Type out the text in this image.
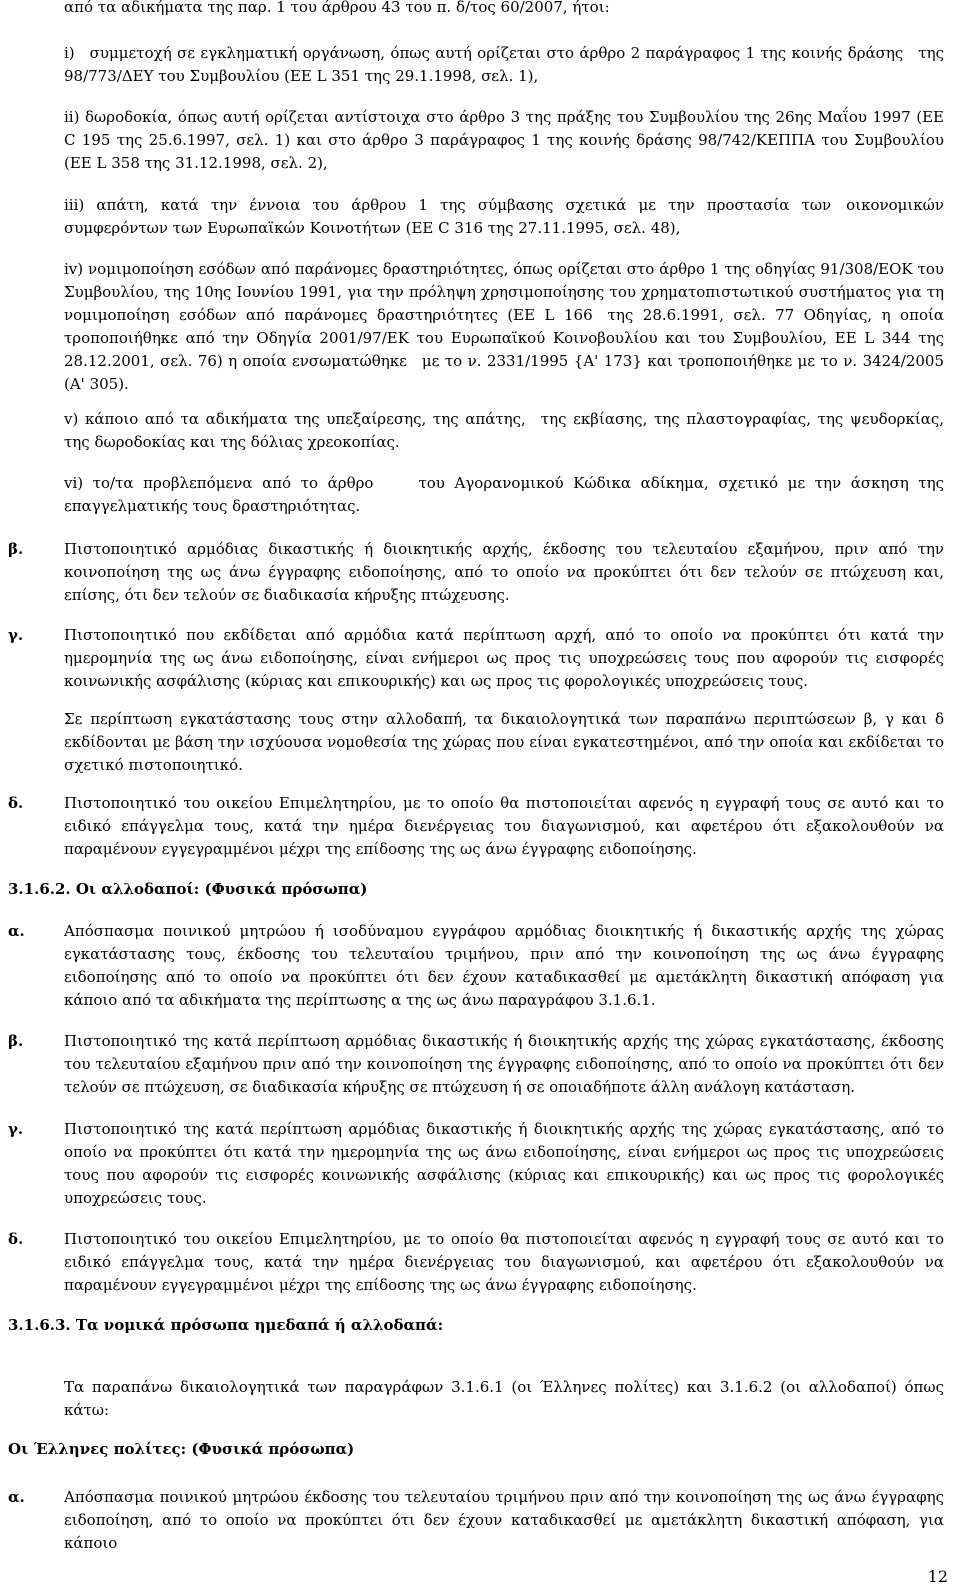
από τα αδικήματα της παρ. 1 του άρθρου 43 του π. δ/τος 60/2007, ήτοι:

i) συμμετοχή σε εγκληματική οργάνωση, όπως αυτή ορίζεται στο άρθρο 2 παράγραφος 1 της κοινής δράσης της 98/773/ΔΕΥ του Συμβουλίου (ΕΕ L 351 της 29.1.1998, σελ. 1),

ii) δωροδοκία, όπως αυτή ορίζεται αντίστοιχα στο άρθρο 3 της πράξης του Συμβουλίου της 26ης Μαΐου 1997 (ΕΕ C 195 της 25.6.1997, σελ. 1) και στο άρθρο 3 παράγραφος 1 της κοινής δράσης 98/742/ΚΕΠΠΑ του Συμβουλίου (ΕΕ L 358 της 31.12.1998, σελ. 2),

iii) απάτη, κατά την έννοια του άρθρου 1 της σύμβασης σχετικά με την προστασία των οικονομικών συμφερόντων των Ευρωπαϊκών Κοινοτήτων (ΕΕ C 316 της 27.11.1995, σελ. 48),

iv) νομιμοποίηση εσόδων από παράνομες δραστηριότητες, όπως ορίζεται στο άρθρο 1 της οδηγίας 91/308/ΕΟΚ του Συμβουλίου, της 10ης Ιουνίου 1991, για την πρόληψη χρησιμοποίησης του χρηματοπιστωτικού συστήματος για τη νομιμοποίηση εσόδων από παράνομες δραστηριότητες (ΕΕ L 166 της 28.6.1991, σελ. 77 Οδηγίας, η οποία τροποποιήθηκε από την Οδηγία 2001/97/ΕΚ του Ευρωπαϊκού Κοινοβουλίου και του Συμβουλίου, ΕΕ L 344 της 28.12.2001, σελ. 76) η οποία ενσωματώθηκε με το ν. 2331/1995 {Α' 173} και τροποποιήθηκε με το ν. 3424/2005 (Α' 305).

v) κάποιο από τα αδικήματα της υπεξαίρεσης, της απάτης, της εκβίασης, της πλαστογραφίας, της ψευδορκίας, της δωροδοκίας και της δόλιας χρεοκοπίας.

vi) το/τα προβλεπόμενα από το άρθρο   του Αγορανομικού Κώδικα αδίκημα, σχετικό με την άσκηση της επαγγελματικής τους δραστηριότητας.

β.	Πιστοποιητικό αρμόδιας δικαστικής ή διοικητικής αρχής, έκδοσης του τελευταίου εξαμήνου, πριν από την κοινοποίηση της ως άνω έγγραφης ειδοποίησης, από το οποίο να προκύπτει ότι δεν τελούν σε πτώχευση και, επίσης, ότι δεν τελούν σε διαδικασία κήρυξης πτώχευσης.

γ.	Πιστοποιητικό που εκδίδεται από αρμόδια κατά περίπτωση αρχή, από το οποίο να προκύπτει ότι κατά την ημερομηνία της ως άνω ειδοποίησης, είναι ενήμεροι ως προς τις υποχρεώσεις τους που αφορούν τις εισφορές κοινωνικής ασφάλισης (κύριας και επικουρικής) και ως προς τις φορολογικές υποχρεώσεις τους.

Σε περίπτωση εγκατάστασης τους στην αλλοδαπή, τα δικαιολογητικά των παραπάνω περιπτώσεων β, γ και δ εκδίδονται με βάση την ισχύουσα νομοθεσία της χώρας που είναι εγκατεστημένοι, από την οποία και εκδίδεται το σχετικό πιστοποιητικό.

δ.	Πιστοποιητικό του οικείου Επιμελητηρίου, με το οποίο θα πιστοποιείται αφενός η εγγραφή τους σε αυτό και το ειδικό επάγγελμα τους, κατά την ημέρα διενέργειας του διαγωνισμού, και αφετέρου ότι εξακολουθούν να παραμένουν εγγεγραμμένοι μέχρι της επίδοσης της ως άνω έγγραφης ειδοποίησης.

3.1.6.2. Οι αλλοδαποί: (Φυσικά πρόσωπα)

α.	Απόσπασμα ποινικού μητρώου ή ισοδύναμου εγγράφου αρμόδιας διοικητικής ή δικαστικής αρχής της χώρας εγκατάστασης τους, έκδοσης του τελευταίου τριμήνου, πριν από την κοινοποίηση της ως άνω έγγραφης ειδοποίησης από το οποίο να προκύπτει ότι δεν έχουν καταδικασθεί με αμετάκλητη δικαστική απόφαση για κάποιο από τα αδικήματα της περίπτωσης α της ως άνω παραγράφου 3.1.6.1.

β.	Πιστοποιητικό της κατά περίπτωση αρμόδιας δικαστικής ή διοικητικής αρχής της χώρας εγκατάστασης, έκδοσης του τελευταίου εξαμήνου πριν από την κοινοποίηση της έγγραφης ειδοποίησης, από το οποίο να προκύπτει ότι δεν τελούν σε πτώχευση, σε διαδικασία κήρυξης σε πτώχευση ή σε οποιαδήποτε άλλη ανάλογη κατάσταση.

γ.	Πιστοποιητικό της κατά περίπτωση αρμόδιας δικαστικής ή διοικητικής αρχής της χώρας εγκατάστασης, από το οποίο να προκύπτει ότι κατά την ημερομηνία της ως άνω ειδοποίησης, είναι ενήμεροι ως προς τις υποχρεώσεις τους που αφορούν τις εισφορές κοινωνικής ασφάλισης (κύριας και επικουρικής) και ως προς τις φορολογικές υποχρεώσεις τους.

δ.	Πιστοποιητικό του οικείου Επιμελητηρίου, με το οποίο θα πιστοποιείται αφενός η εγγραφή τους σε αυτό και το ειδικό επάγγελμα τους, κατά την ημέρα διενέργειας του διαγωνισμού, και αφετέρου ότι εξακολουθούν να παραμένουν εγγεγραμμένοι μέχρι της επίδοσης της ως άνω έγγραφης ειδοποίησης.

3.1.6.3. Τα νομικά πρόσωπα ημεδαπά ή αλλοδαπά:

Τα παραπάνω δικαιολογητικά των παραγράφων 3.1.6.1 (οι Έλληνες πολίτες) και 3.1.6.2 (οι αλλοδαποί) όπως κάτω:

Οι Έλληνες πολίτες: (Φυσικά πρόσωπα)

α.	Απόσπασμα ποινικού μητρώου έκδοσης του τελευταίου τριμήνου πριν από την κοινοποίηση της ως άνω έγγραφης ειδοποίηση, από το οποίο να προκύπτει ότι δεν έχουν καταδικασθεί με αμετάκλητη δικαστική απόφαση, για κάποιο

12
